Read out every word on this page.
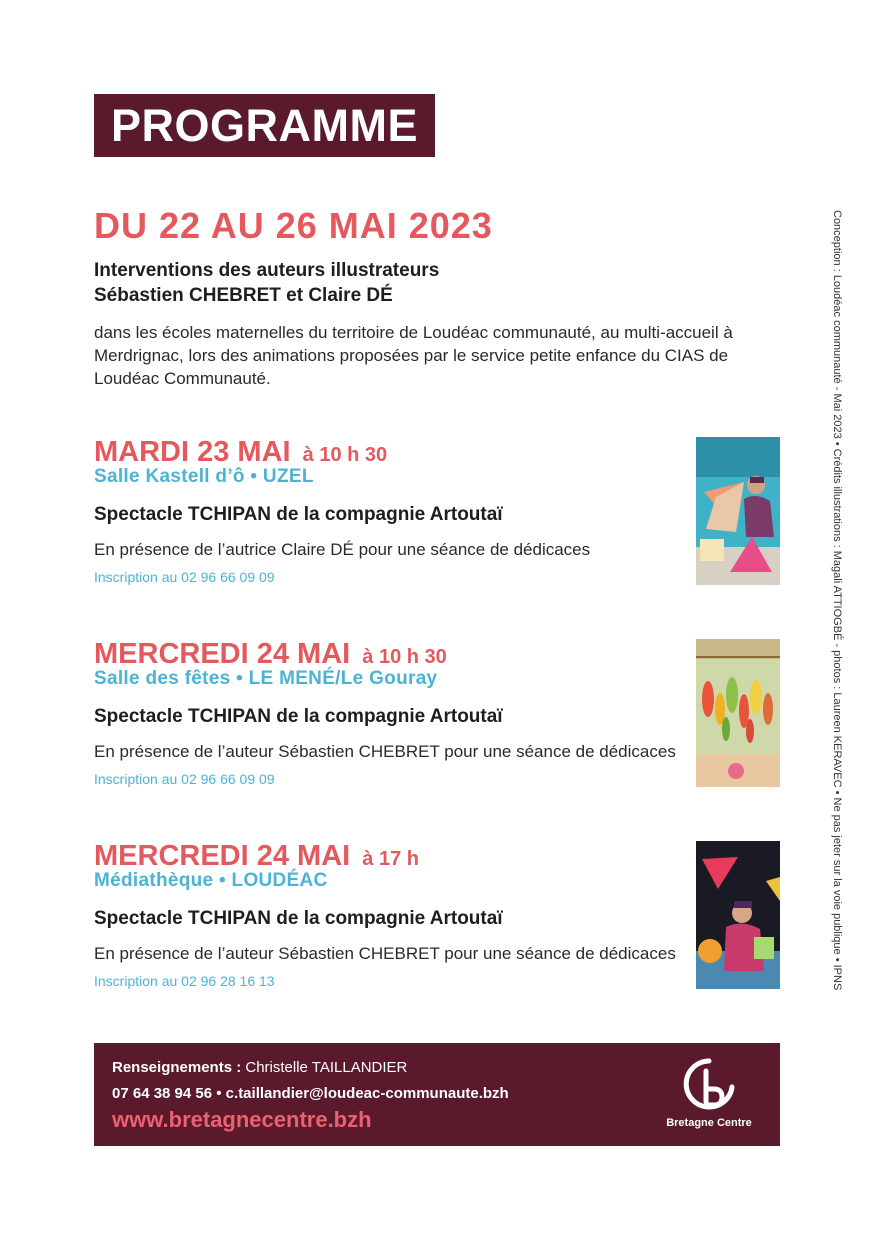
PROGRAMME
DU 22 AU 26 MAI 2023
Interventions des auteurs illustrateurs
Sébastien CHEBRET et Claire DÉ
dans les écoles maternelles du territoire de Loudéac communauté, au multi-accueil à Merdrignac, lors des animations proposées par le service petite enfance du CIAS de Loudéac Communauté.
MARDI 23 MAI à 10 h 30
Salle Kastell d’ô • UZEL
Spectacle TCHIPAN de la compagnie Artoutaï
En présence de l’autrice Claire DÉ pour une séance de dédicaces
Inscription au 02 96 66 09 09
MERCREDI 24 MAI à 10 h 30
Salle des fêtes • LE MENÉ/Le Gouray
Spectacle TCHIPAN de la compagnie Artoutaï
En présence de l’auteur Sébastien CHEBRET pour une séance de dédicaces
Inscription au 02 96 66 09 09
MERCREDI 24 MAI à 17 h
Médiathèque • LOUDÉAC
Spectacle TCHIPAN de la compagnie Artoutaï
En présence de l’auteur Sébastien CHEBRET pour une séance de dédicaces
Inscription au 02 96 28 16 13	Conception : Loudéac communauté - Mai 2023 • Crédits illustrations : Magali ATTIOGBÉ - photos : Laureen KERAVEC • Ne pas jeter sur la voie publique • IPNS
Renseignements : Christelle TAILLANDIER
07 64 38 94 56 • c.taillandier@loudeac-communaute.bzh
www.bretagnecentre.bzh	Bretagne Centre
